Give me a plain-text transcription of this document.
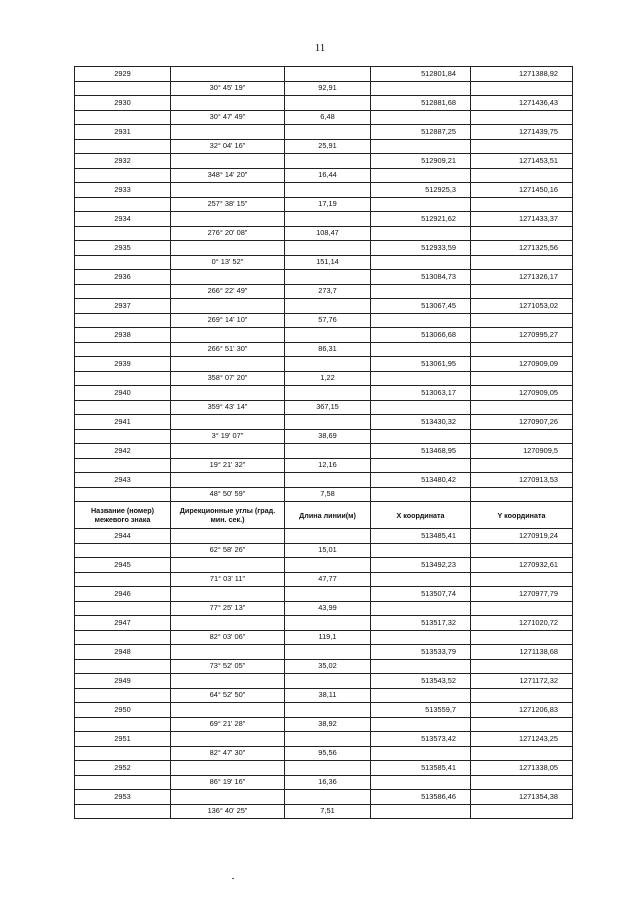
11
2929			512801,84	1271388,92
	30° 45' 19"	92,91		
2930			512881,68	1271436,43
	30° 47' 49"	6,48		
2931			512887,25	1271439,75
	32° 04' 16"	25,91		
2932			512909,21	1271453,51
	348° 14' 20"	16,44		
2933			512925,3	1271450,16
	257° 38' 15"	17,19		
2934			512921,62	1271433,37
	276° 20' 08"	108,47		
2935			512933,59	1271325,56
	0° 13' 52"	151,14		
2936			513084,73	1271326,17
	266° 22' 49"	273,7		
2937			513067,45	1271053,02
	269° 14' 10"	57,76		
2938			513066,68	1270995,27
	266° 51' 30"	86,31		
2939			513061,95	1270909,09
	358° 07' 20"	1,22		
2940			513063,17	1270909,05
	359° 43' 14"	367,15		
2941			513430,32	1270907,26
	3° 19' 07"	38,69		
2942			513468,95	1270909,5
	19° 21' 32"	12,16		
2943			513480,42	1270913,53
	48° 50' 59"	7,58		
Название (номер) межевого знака	Дирекционные углы (град. мин. сек.)	Длина линии(м)	X координата	Y координата
2944			513485,41	1270919,24
	62° 58' 26"	15,01		
2945			513492,23	1270932,61
	71° 03' 11"	47,77		
2946			513507,74	1270977,79
	77° 25' 13"	43,99		
2947			513517,32	1271020,72
	82° 03' 06"	119,1		
2948			513533,79	1271138,68
	73° 52' 05"	35,02		
2949			513543,52	1271172,32
	64° 52' 50"	38,11		
2950			513559,7	1271206,83
	69° 21' 28"	38,92		
2951			513573,42	1271243,25
	82° 47' 30"	95,56		
2952			513585,41	1271338,05
	86° 19' 16"	16,36		
2953			513586,46	1271354,38
	136° 40' 25"	7,51		
